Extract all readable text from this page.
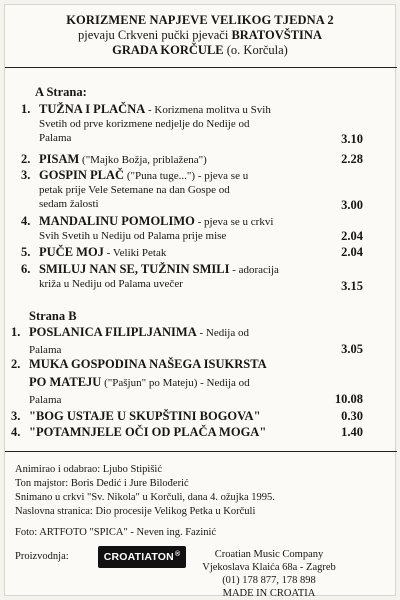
KORIZMENE NAPJEVE VELIKOG TJEDNA 2
pjevaju Crkveni pučki pjevači BRATOVŠTINA
GRADA KORČULE (o. Korčula)
A Strana:
1. TUŽNA I PLAČNA - Korizmena molitva u Svih
Svetih od prve korizmene nedjelje do Nedije od
Palama	3.10
2. PISAM ("Majko Božja, priblažena")	2.28
3. GOSPIN PLAČ ("Puna tuge...") - pjeva se u
petak prije Vele Setemane na dan Gospe od
sedam žalosti	3.00
4. MANDALINU POMOLIMO - pjeva se u crkvi
Svih Svetih u Nediju od Palama prije mise	2.04
5. PUČE MOJ - Veliki Petak	2.04
6. SMILUJ NAN SE, TUŽNIN SMILI - adoracija
križa u Nediju od Palama uvečer	3.15
Strana B
1. POSLANICA FILIPLJANIMA - Nedija od
Palama	3.05
2. MUKA GOSPODINA NAŠEGA ISUKRSTA
PO MATEJU ("Pašjun" po Mateju) - Nedija od
Palama	10.08
3. "BOG USTAJE U SKUPŠTINI BOGOVA"	0.30
4. "POTAMNJELE OČI OD PLAČA MOGA"	1.40
Animirao i odabrao: Ljubo Stipišić
Ton majstor: Boris Dedić i Jure Bilođerić
Snimano u crkvi "Sv. Nikola" u Korčuli, dana 4. ožujka 1995.
Naslovna stranica: Dio procesije Velikog Petka u Korčuli
Foto: ARTFOTO "SPICA" - Neven ing. Fazinić
Proizvodnja:	CROATIATON ®	Croatian Music Company
Vjekoslava Klaića 68a - Zagreb
(01) 178 877, 178 898
MADE IN CROATIA
